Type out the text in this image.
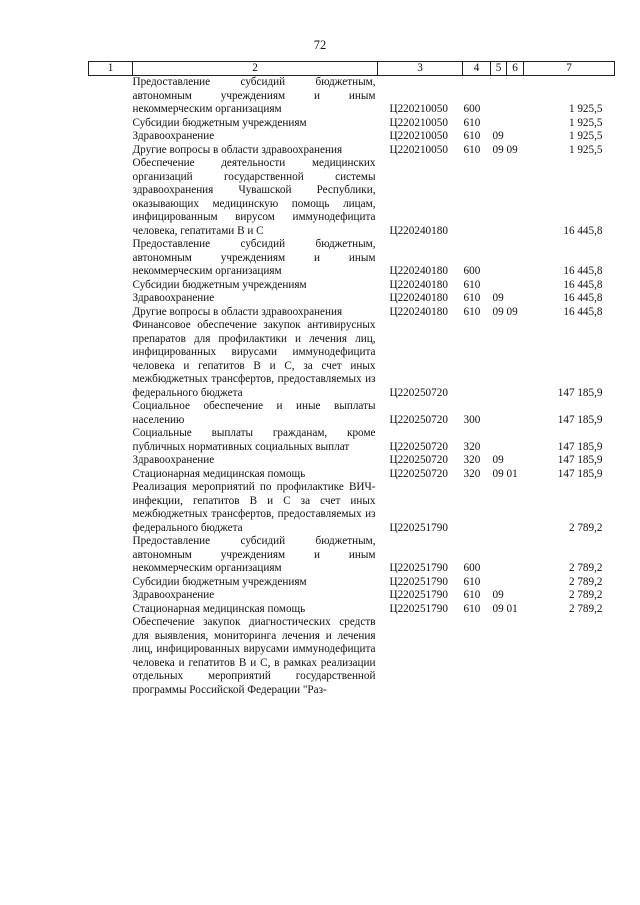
72
1	2	3	4	5	6	7
	Предоставление субсидий бюджетным, автономным учреждениям и иным некоммерческим организациям	Ц220210050	600			1 925,5
	Субсидии бюджетным учреждениям	Ц220210050	610			1 925,5
	Здравоохранение	Ц220210050	610	09		1 925,5
	Другие вопросы в области здравоохранения	Ц220210050	610	09	09	1 925,5
	Обеспечение деятельности медицинских организаций государственной системы здравоохранения Чувашской Республики, оказывающих медицинскую помощь лицам, инфицированным вирусом иммунодефицита человека, гепатитами B и C	Ц220240180				16 445,8
	Предоставление субсидий бюджетным, автономным учреждениям и иным некоммерческим организациям	Ц220240180	600			16 445,8
	Субсидии бюджетным учреждениям	Ц220240180	610			16 445,8
	Здравоохранение	Ц220240180	610	09		16 445,8
	Другие вопросы в области здравоохранения	Ц220240180	610	09	09	16 445,8
	Финансовое обеспечение закупок антивирусных препаратов для профилактики и лечения лиц, инфицированных вирусами иммунодефицита человека и гепатитов B и C, за счет иных межбюджетных трансфертов, предоставляемых из федерального бюджета	Ц220250720				147 185,9
	Социальное обеспечение и иные выплаты населению	Ц220250720	300			147 185,9
	Социальные выплаты гражданам, кроме публичных нормативных социальных выплат	Ц220250720	320			147 185,9
	Здравоохранение	Ц220250720	320	09		147 185,9
	Стационарная медицинская помощь	Ц220250720	320	09	01	147 185,9
	Реализация мероприятий по профилактике ВИЧ-инфекции, гепатитов B и C за счет иных межбюджетных трансфертов, предоставляемых из федерального бюджета	Ц220251790				2 789,2
	Предоставление субсидий бюджетным, автономным учреждениям и иным некоммерческим организациям	Ц220251790	600			2 789,2
	Субсидии бюджетным учреждениям	Ц220251790	610			2 789,2
	Здравоохранение	Ц220251790	610	09		2 789,2
	Стационарная медицинская помощь	Ц220251790	610	09	01	2 789,2
	Обеспечение закупок диагностических средств для выявления, мониторинга лечения и лечения лиц, инфицированных вирусами иммунодефицита человека и гепатитов B и C, в рамках реализации отдельных мероприятий государственной программы Российской Федерации "Раз-					
